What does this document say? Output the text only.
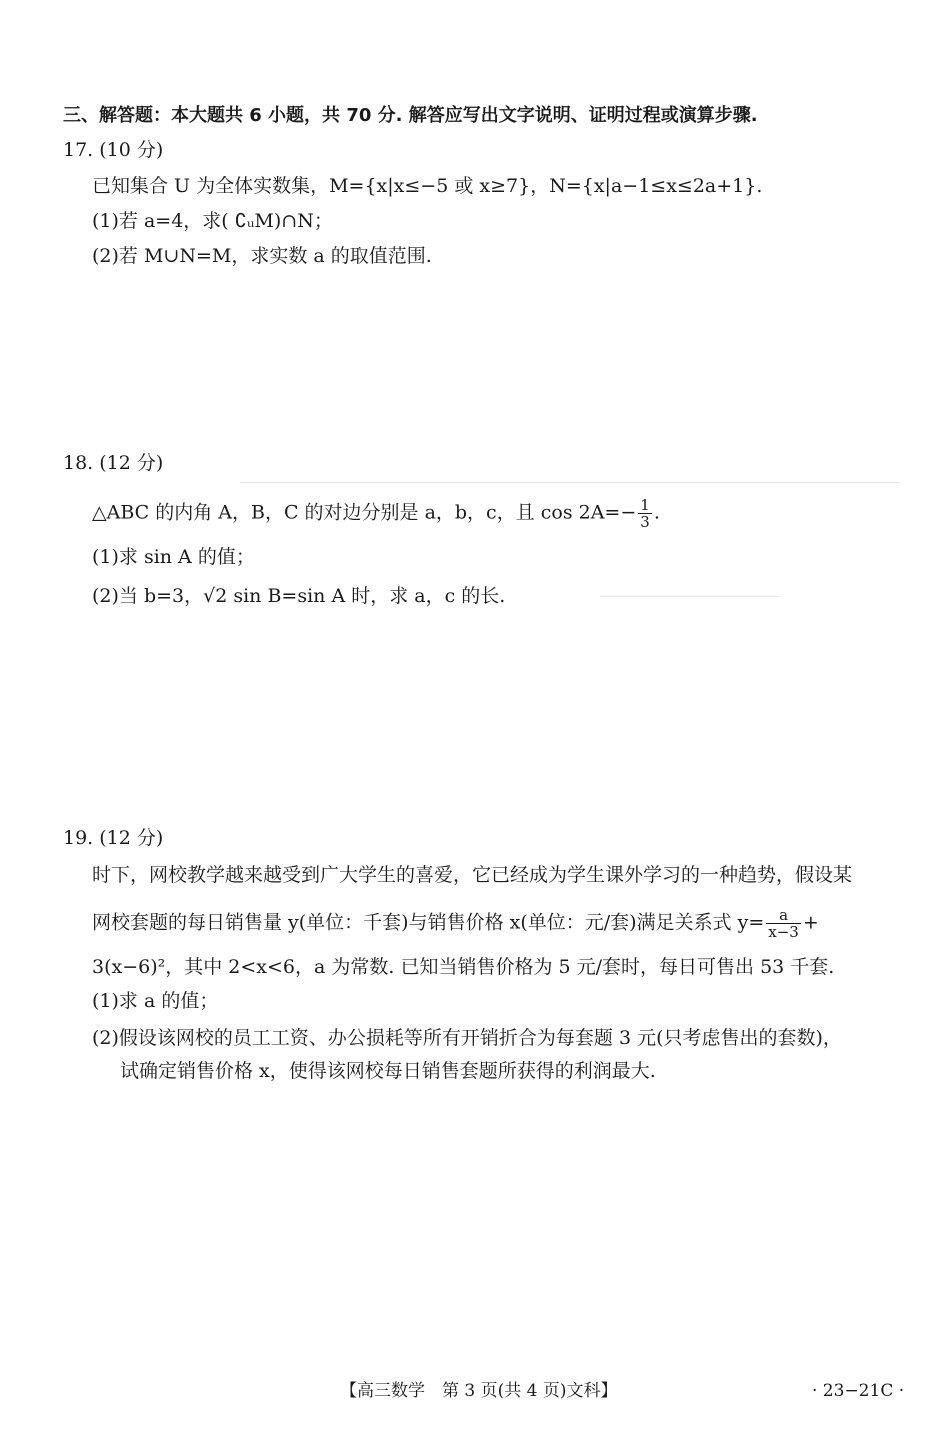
三、解答题：本大题共 6 小题，共 70 分. 解答应写出文字说明、证明过程或演算步骤.
17. (10 分)
已知集合 U 为全体实数集，M={x|x≤−5 或 x≥7}，N={x|a−1≤x≤2a+1}.
(1)若 a=4，求( ∁ᵤM)∩N；
(2)若 M∪N=M，求实数 a 的取值范围.
18. (12 分)
△ABC 的内角 A，B，C 的对边分别是 a，b，c，且 $\cos 2A=- \frac{1}{3}$ .
(1)求 sin A 的值；
(2)当 b=3，√2 sin B=sin A 时，求 a，c 的长.
19. (12 分)
时下，网校教学越来越受到广大学生的喜爱，它已经成为学生课外学习的一种趋势，假设某
网校套题的每日销售量 y(单位：千套)与销售价格 x(单位：元/套)满足关系式 $y= \frac{a}{x-3}$ +
3(x−6)²，其中 2<x<6，a 为常数. 已知当销售价格为 5 元/套时，每日可售出 53 千套.
(1)求 a 的值；
(2)假设该网校的员工工资、办公损耗等所有开销折合为每套题 3 元(只考虑售出的套数)，
试确定销售价格 x，使得该网校每日销售套题所获得的利润最大.
【高三数学　第 3 页(共 4 页)文科】	· 23−21C ·
